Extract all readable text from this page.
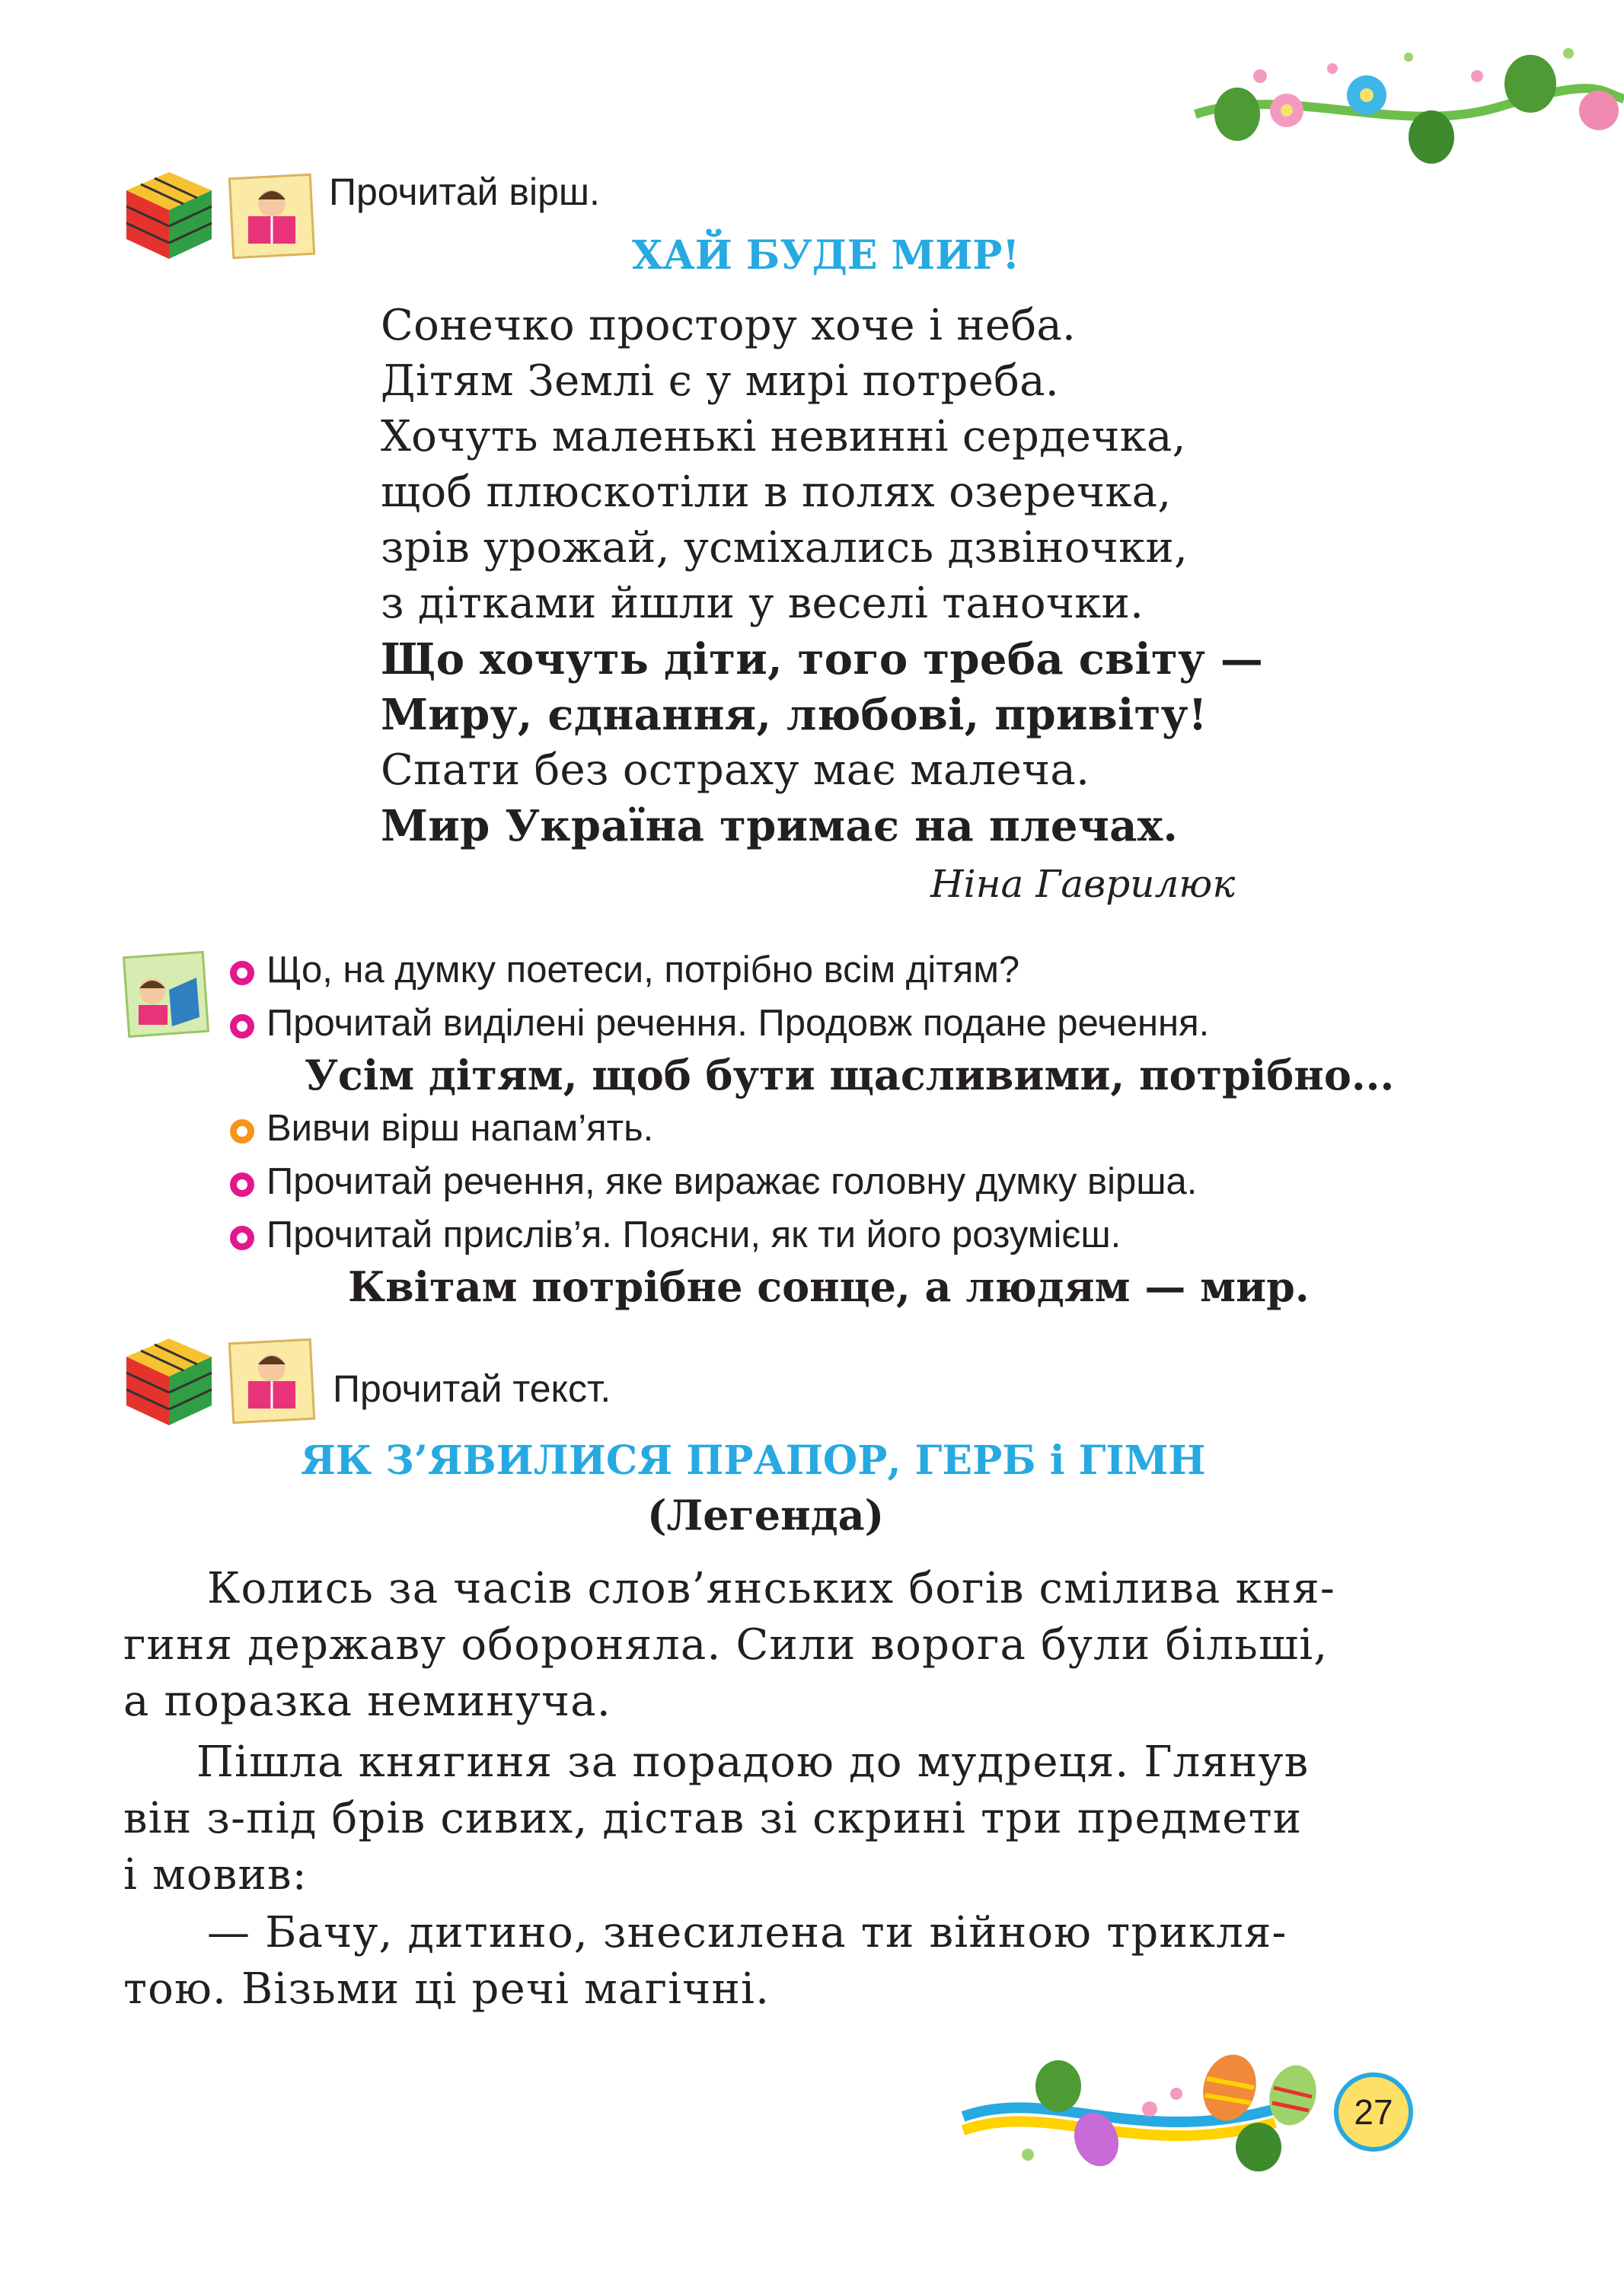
Прочитай вірш.
ХАЙ БУДЕ МИР!
Сонечко простору хоче і неба.
Дітям Землі є у мирі потреба.
Хочуть маленькі невинні сердечка,
щоб плюскотіли в полях озеречка,
зрів урожай, усміхались дзвіночки,
з дітками йшли у веселі таночки.
Що хочуть діти, того треба світу —
Миру, єднання, любові, привіту!
Спати без остраху має малеча.
Мир Україна тримає на плечах.
Ніна Гаврилюк
Що, на думку поетеси, потрібно всім дітям?
Прочитай виділені речення. Продовж подане речення.
Усім дітям, щоб бути щасливими, потрібно...
Вивчи вірш напам’ять.
Прочитай речення, яке виражає головну думку вірша.
Прочитай прислів’я. Поясни, як ти його розумієш.
Квітам потрібне сонце, а людям — мир.
Прочитай текст.
ЯК З’ЯВИЛИСЯ ПРАПОР, ГЕРБ і ГІМН
(Легенда)
Колись за часів слов’янських богів смілива кня-
гиня державу обороняла. Сили ворога були більші,
а поразка неминуча.
Пішла княгиня за порадою до мудреця. Глянув
він з-під брів сивих, дістав зі скрині три предмети
і мовив:
— Бачу, дитино, знесилена ти війною трикля-
тою. Візьми ці речі магічні.
27
